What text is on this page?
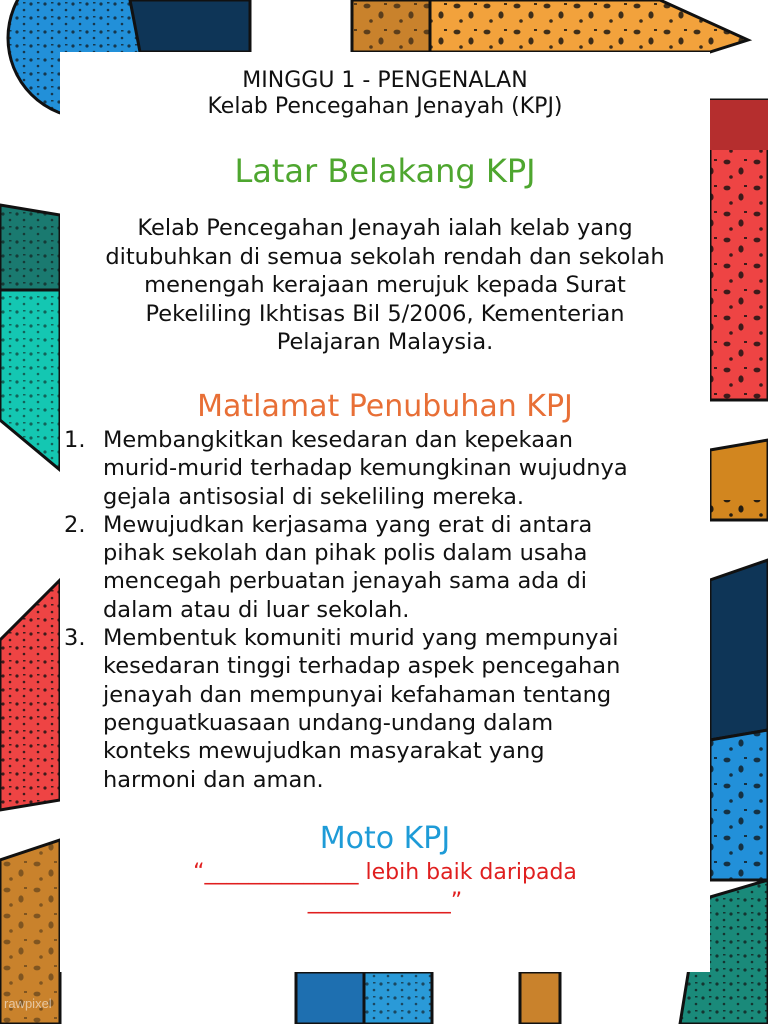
MINGGU 1 - PENGENALAN
Kelab Pencegahan Jenayah (KPJ)
Latar Belakang KPJ
Kelab Pencegahan Jenayah ialah kelab yang
ditubuhkan di semua sekolah rendah dan sekolah
menengah kerajaan merujuk kepada Surat
Pekeliling Ikhtisas Bil 5/2006, Kementerian
Pelajaran Malaysia.
Matlamat Penubuhan KPJ
1. Membangkitkan kesedaran dan kepekaan
murid-murid terhadap kemungkinan wujudnya
gejala antisosial di sekeliling mereka.
2. Mewujudkan kerjasama yang erat di antara
pihak sekolah dan pihak polis dalam usaha
mencegah perbuatan jenayah sama ada di
dalam atau di luar sekolah.
3. Membentuk komuniti murid yang mempunyai
kesedaran tinggi terhadap aspek pencegahan
jenayah dan mempunyai kefahaman tentang
penguatkuasaan undang-undang dalam
konteks mewujudkan masyarakat yang
harmoni dan aman.
Moto KPJ
“______________ lebih baik daripada
_____________”
rawpixel
